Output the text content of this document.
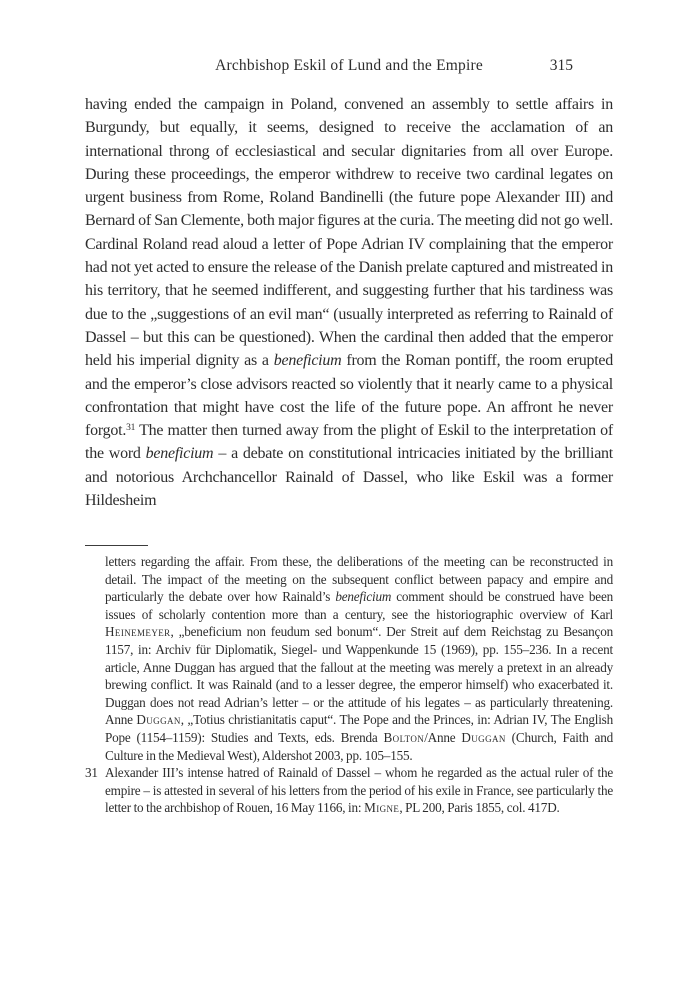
Archbishop Eskil of Lund and the Empire	315
having ended the campaign in Poland, convened an assembly to settle affairs in Burgundy, but equally, it seems, designed to receive the acclamation of an international throng of ecclesiastical and secular dignitaries from all over Europe. During these proceedings, the emperor withdrew to receive two cardinal legates on urgent business from Rome, Roland Bandinelli (the future pope Alexander III) and Bernard of San Clemente, both major figures at the curia. The meeting did not go well. Cardinal Roland read aloud a letter of Pope Adrian IV complaining that the emperor had not yet acted to ensure the release of the Danish prelate captured and mistreated in his territory, that he seemed indifferent, and suggesting further that his tardiness was due to the „suggestions of an evil man“ (usually interpreted as referring to Rainald of Dassel – but this can be questioned). When the cardinal then added that the emperor held his imperial dignity as a beneficium from the Roman pontiff, the room erupted and the emperor’s close advisors reacted so violently that it nearly came to a physical confrontation that might have cost the life of the future pope. An affront he never forgot.$^{31}$ The matter then turned away from the plight of Eskil to the interpretation of the word beneficium – a debate on constitutional intricacies initiated by the brilliant and notorious Archchancellor Rainald of Dassel, who like Eskil was a former Hildesheim
letters regarding the affair. From these, the deliberations of the meeting can be reconstructed in detail. The impact of the meeting on the subsequent conflict between papacy and empire and particularly the debate over how Rainald’s beneficium comment should be construed have been issues of scholarly contention more than a century, see the historiographic overview of Karl Heinemeyer, „beneficium non feudum sed bonum“. Der Streit auf dem Reichstag zu Besançon 1157, in: Archiv für Diplomatik, Siegel- und Wappenkunde 15 (1969), pp. 155–236. In a recent article, Anne Duggan has argued that the fallout at the meeting was merely a pretext in an already brewing conflict. It was Rainald (and to a lesser degree, the emperor himself) who exacerbated it. Duggan does not read Adrian’s letter – or the attitude of his legates – as particularly threatening. Anne Duggan, „Totius christianitatis caput“. The Pope and the Princes, in: Adrian IV, The English Pope (1154–1159): Studies and Texts, eds. Brenda Bolton/Anne Duggan (Church, Faith and Culture in the Medieval West), Aldershot 2003, pp. 105–155.
31 Alexander III’s intense hatred of Rainald of Dassel – whom he regarded as the actual ruler of the empire – is attested in several of his letters from the period of his exile in France, see particularly the letter to the archbishop of Rouen, 16 May 1166, in: Migne, PL 200, Paris 1855, col. 417D.
